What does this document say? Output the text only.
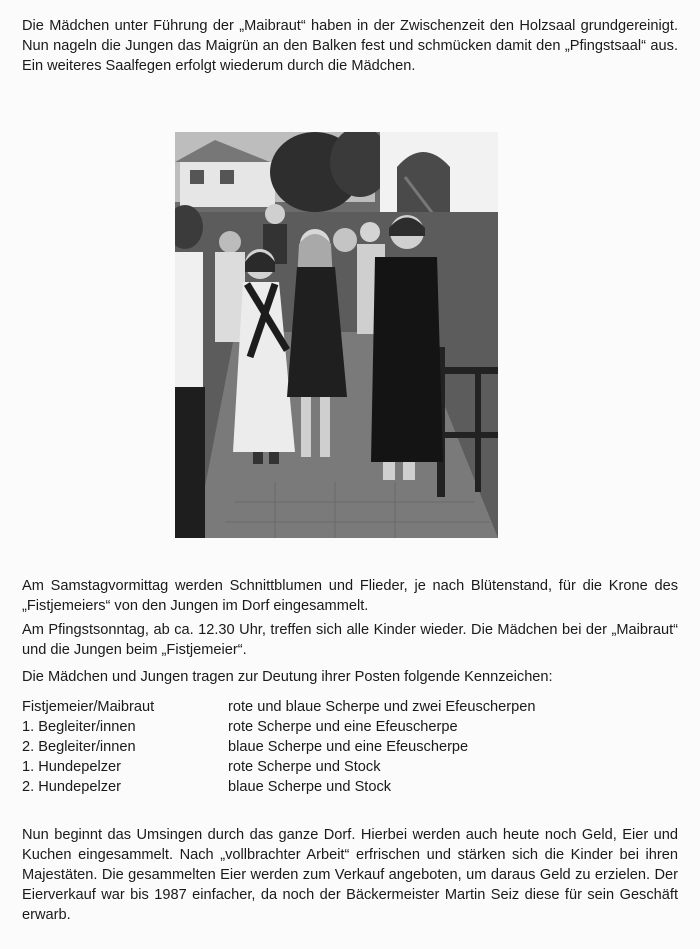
Die Mädchen unter Führung der „Maibraut“ haben in der Zwischenzeit den Holzsaal grundgereinigt. Nun nageln die Jungen das Maigrün an den Balken fest und schmücken damit den „Pfingstsaal“ aus. Ein weiteres Saalfegen erfolgt wiederum durch die Mädchen.

Am Samstagvormittag werden Schnittblumen und Flieder, je nach Blütenstand, für die Krone des „Fistjemeiers“ von den Jungen im Dorf eingesammelt.

Am Pfingstsonntag, ab ca. 12.30 Uhr, treffen sich alle Kinder wieder. Die Mädchen bei der „Maibraut“ und die Jungen beim „Fistjemeier“.

Die Mädchen und Jungen tragen zur Deutung ihrer Posten folgende Kennzeichen:

Fistjemeier/Maibraut	rote und blaue Scherpe und zwei Efeuscherpen
1. Begleiter/innen	rote Scherpe und eine Efeuscherpe
2. Begleiter/innen	blaue Scherpe und eine Efeuscherpe
1. Hundepelzer	rote Scherpe und Stock
2. Hundepelzer	blaue Scherpe und Stock

Nun beginnt das Umsingen durch das ganze Dorf. Hierbei werden auch heute noch Geld, Eier und Kuchen eingesammelt. Nach „vollbrachter Arbeit“ erfrischen und stärken sich die Kinder bei ihren Majestäten. Die gesammelten Eier werden zum Verkauf angeboten, um daraus Geld zu erzielen. Der Eierverkauf war bis 1987 einfacher, da noch der Bäckermeister Martin Seiz diese für sein Geschäft erwarb.
